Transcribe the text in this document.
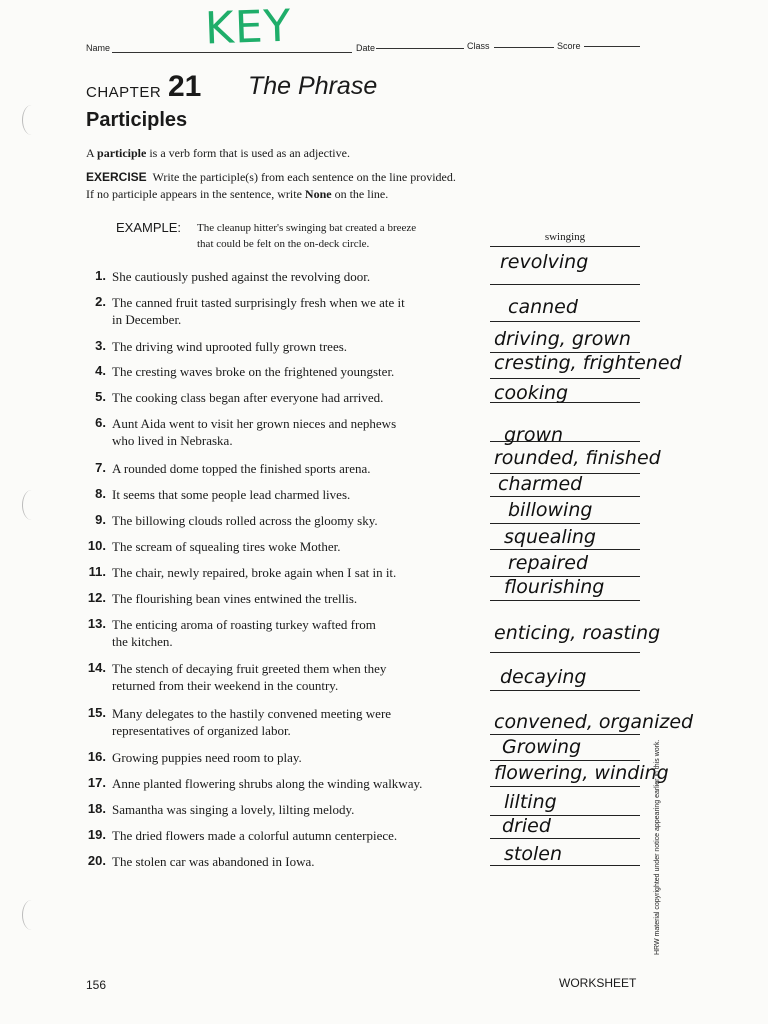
Name KEY	Date	Class	Score
CHAPTER 21 The Phrase
Participles
A participle is a verb form that is used as an adjective.
EXERCISE Write the participle(s) from each sentence on the line provided.
If no participle appears in the sentence, write None on the line.
EXAMPLE: The cleanup hitter's swinging bat created a breeze
that could be felt on the on-deck circle.
swinging
1. She cautiously pushed against the revolving door.
revolving
2. The canned fruit tasted surprisingly fresh when we ate it
in December.
canned
3. The driving wind uprooted fully grown trees.	driving, grown
4. The cresting waves broke on the frightened youngster.	cresting, frightened
5. The cooking class began after everyone had arrived.	cooking
6. Aunt Aida went to visit her grown nieces and nephews
who lived in Nebraska.	grown
7. A rounded dome topped the finished sports arena.	rounded, finished
8. It seems that some people lead charmed lives.	charmed
9. The billowing clouds rolled across the gloomy sky.	billowing
10. The scream of squealing tires woke Mother.	squealing
11. The chair, newly repaired, broke again when I sat in it.	repaired
12. The flourishing bean vines entwined the trellis.
flourishing
13. The enticing aroma of roasting turkey wafted from
the kitchen.	enticing, roasting
14. The stench of decaying fruit greeted them when they
returned from their weekend in the country.	decaying
15. Many delegates to the hastily convened meeting were
representatives of organized labor.	convened, organized
16. Growing puppies need room to play.	Growing
17. Anne planted flowering shrubs along the winding walkway.	flowering, winding
18. Samantha was singing a lovely, lilting melody.	lilting
19. The dried flowers made a colorful autumn centerpiece.	dried
20. The stolen car was abandoned in Iowa.	stolen	HRW material copyrighted under notice appearing earlier in this work.
156	WORKSHEET
